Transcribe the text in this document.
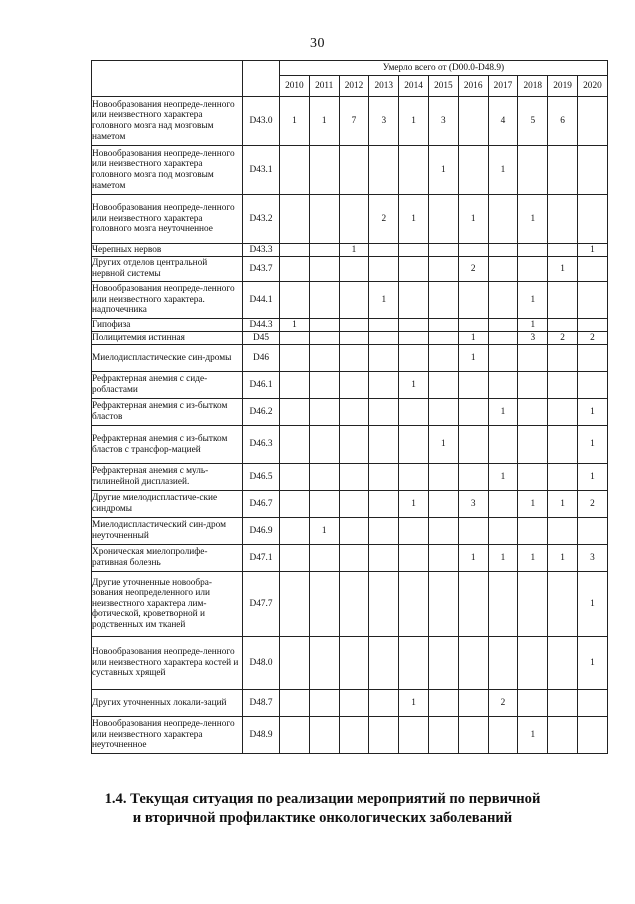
30
		Умерло всего от (D00.0-D48.9)										
		2010	2011	2012	2013	2014	2015	2016	2017	2018	2019	2020
Новообразования неопреде-ленного или неизвестного характера головного мозга над мозговым наметом	D43.0	1	1	7	3	1	3		4	5	6	
Новообразования неопреде-ленного или неизвестного характера головного мозга под мозговым наметом	D43.1						1		1			
Новообразования неопреде-ленного или неизвестного характера головного мозга неуточненное	D43.2				2	1		1		1		
Черепных нервов	D43.3			1								1
Других отделов центральной нервной системы	D43.7							2			1	
Новообразования неопреде-ленного или неизвестного характера. надпочечника	D44.1				1					1		
Гипофиза	D44.3	1								1		
Полицитемия истинная	D45							1		3	2	2
Миелодиспластические син-дромы	D46							1				
Рефрактерная анемия с сиде-робластами	D46.1					1						
Рефрактерная анемия с из-бытком бластов	D46.2								1			1
Рефрактерная анемия с из-бытком бластов с трансфор-мацией	D46.3						1					1
Рефрактерная анемия с муль-тилинейной дисплазией.	D46.5								1			1
Другие миелодиспластиче-ские синдромы	D46.7					1		3		1	1	2
Миелодиспластический син-дром неуточненный	D46.9		1									
Хроническая миелопролифе-ративная болезнь	D47.1							1	1	1	1	3
Другие уточненные новообра-зования неопределенного или неизвестного характера лим-фотической, кроветворной и родственных им тканей	D47.7											1
Новообразования неопреде-ленного или неизвестного характера костей и суставных хрящей	D48.0											1
Других уточненных локали-заций	D48.7					1			2			
Новообразования неопреде-ленного или неизвестного характера неуточненное	D48.9									1		
1.4. Текущая ситуация по реализации мероприятий по первичной
и вторичной профилактике онкологических заболеваний
